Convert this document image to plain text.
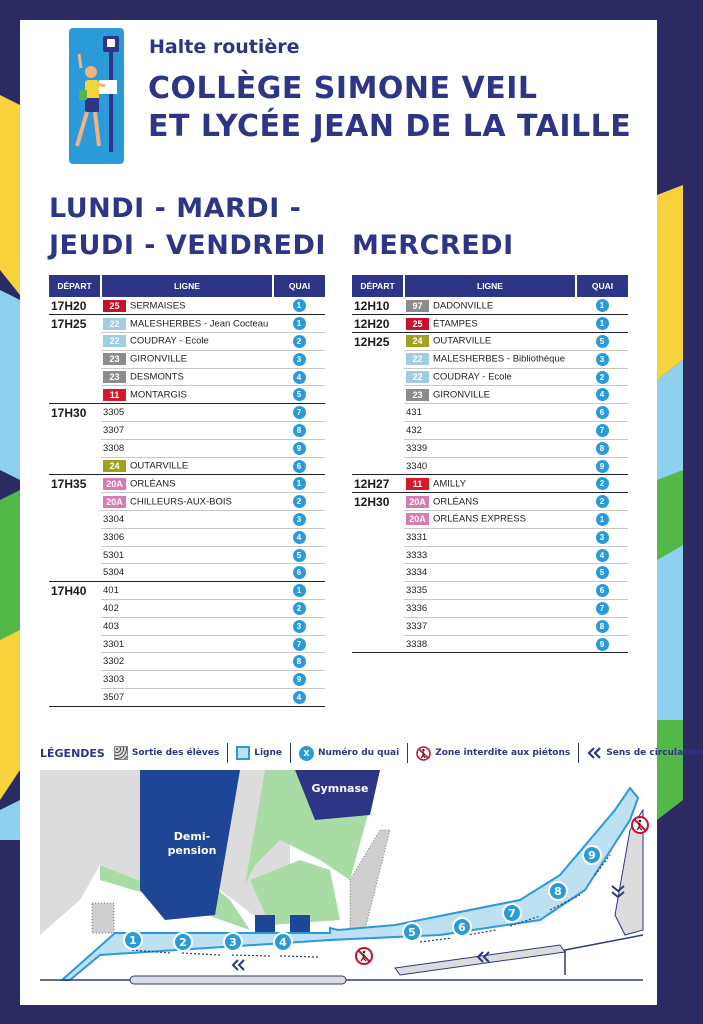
Halte routière
COLLÈGE SIMONE VEIL
ET LYCÉE JEAN DE LA TAILLE
LUNDI - MARDI -
JEUDI - VENDREDI MERCREDI
DÉPART	LIGNE	QUAI
17H20	25 SERMAISES	1
17H25	22 MALESHERBES - Jean Cocteau	1
	22 COUDRAY - Ecole	2
	23 GIRONVILLE	3
	23 DESMONTS	4
	11 MONTARGIS	5
17H30	3305	7
	3307	8
	3308	9
	24 OUTARVILLE	6
17H35	20A ORLÉANS	1
	20A CHILLEURS-AUX-BOIS	2
	3304	3
	3306	4
	5301	5
	5304	6
17H40	401	1
	402	2
	403	3
	3301	7
	3302	8
	3303	9
	3507	4
DÉPART	LIGNE	QUAI
12H10	97 DADONVILLE	1
12H20	25 ÉTAMPES	1
12H25	24 OUTARVILLE	5
	22 MALESHERBES - Bibliothèque	3
	22 COUDRAY - Ecole	2
	23 GIRONVILLE	4
	431	6
	432	7
	3339	8
	3340	9
12H27	11 AMILLY	2
12H30	20A ORLÉANS	2
	20A ORLÉANS EXPRESS	1
	3331	3
	3333	4
	3334	5
	3335	6
	3336	7
	3337	8
	3338	9
LÉGENDES	Sortie des élèves	Ligne	X Numéro du quai	Zone interdite aux piétons	Sens de circulation
Gymnase
Demi-
pension
1	2	3	4
5	6
7
8
9
